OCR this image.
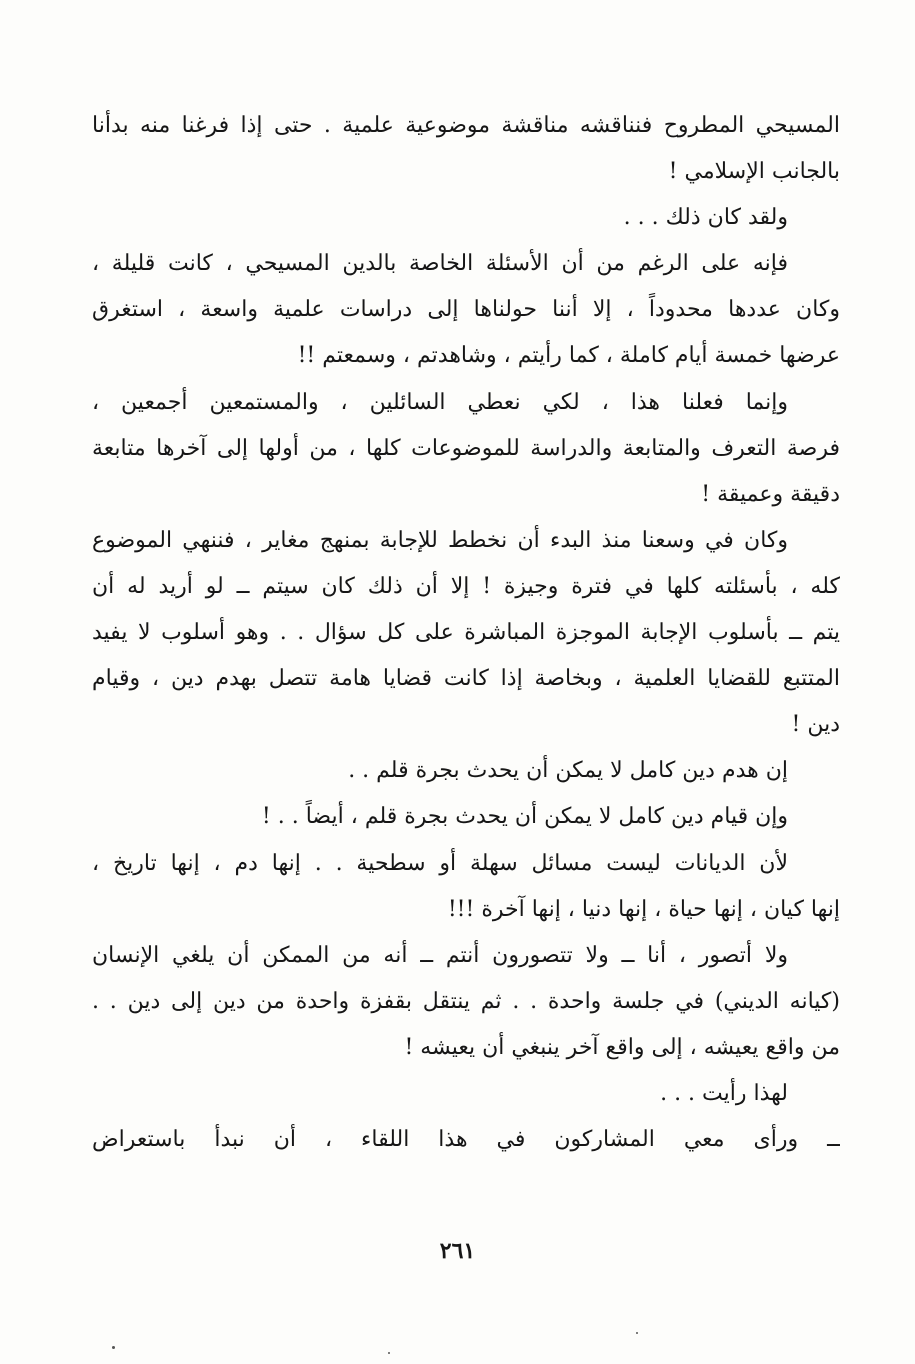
المسيحي المطروح فنناقشه مناقشة موضوعية علمية . حتى إذا فرغنا منه بدأنا
بالجانب الإسلامي !
ولقد كان ذلك . . .
فإنه على الرغم من أن الأسئلة الخاصة بالدين المسيحي ، كانت قليلة ،
وكان عددها محدوداً ، إلا أننا حولناها إلى دراسات علمية واسعة ، استغرق
عرضها خمسة أيام كاملة ، كما رأيتم ، وشاهدتم ، وسمعتم !!
وإنما فعلنا هذا ، لكي نعطي السائلين ، والمستمعين أجمعين ،
فرصة التعرف والمتابعة والدراسة للموضوعات كلها ، من أولها إلى آخرها متابعة
دقيقة وعميقة !
وكان في وسعنا منذ البدء أن نخطط للإجابة بمنهج مغاير ، فننهي الموضوع
كله ، بأسئلته كلها في فترة وجيزة ! إلا أن ذلك كان سيتم ــ لو أريد له أن
يتم ــ بأسلوب الإجابة الموجزة المباشرة على كل سؤال . . وهو أسلوب لا يفيد
المتتبع للقضايا العلمية ، وبخاصة إذا كانت قضايا هامة تتصل بهدم دين ، وقيام
دين !
إن هدم دين كامل لا يمكن أن يحدث بجرة قلم . .
وإن قيام دين كامل لا يمكن أن يحدث بجرة قلم ، أيضاً . . !
لأن الديانات ليست مسائل سهلة أو سطحية . . إنها دم ، إنها تاريخ ،
إنها كيان ، إنها حياة ، إنها دنيا ، إنها آخرة !!!
ولا أتصور ، أنا ــ ولا تتصورون أنتم ــ أنه من الممكن أن يلغي الإنسان
(كيانه الديني) في جلسة واحدة . . ثم ينتقل بقفزة واحدة من دين إلى دين . .
من واقع يعيشه ، إلى واقع آخر ينبغي أن يعيشه !
لهذا رأيت . . .
ــ ورأى معي المشاركون في هذا اللقاء ، أن نبدأ باستعراض
٢٦١
